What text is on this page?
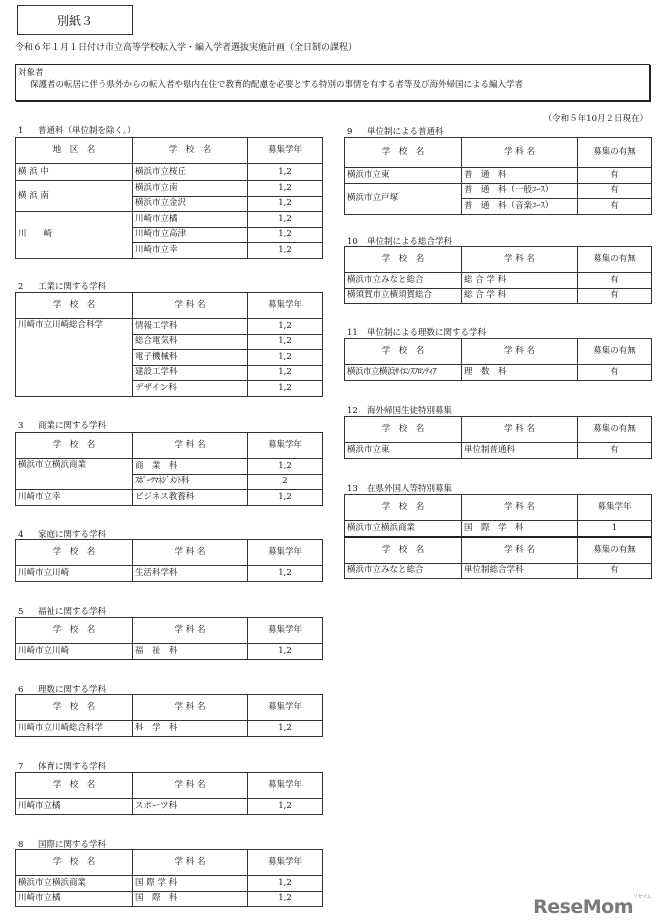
別紙３
令和６年１月１日付け市立高等学校転入学・編入学者選抜実施計画（全日制の課程）
対象者
保護者の転居に伴う県外からの転入者や県内在住で教育的配慮を必要とする特別の事情を有する者等及び海外帰国による編入学者
（令和５年10月２日現在）
1 普通科（単位制を除く。）
地　区　名	学　校　名	募集学年
横 浜 中	横浜市立桜丘	1,2
横 浜 南	横浜市立南	1,2
	横浜市立金沢	1,2
川　　崎	川崎市立橘	1,2
	川崎市立高津	1,2
	川崎市立幸	1,2
2 工業に関する学科
学　校　名	学 科 名	募集学年
川崎市立川崎総合科学	情報工学科	1,2
	総合電気科	1,2
	電子機械科	1,2
	建設工学科	1,2
	デザイン科	1,2
3 商業に関する学科
学　校　名	学 科 名	募集学年
横浜市立横浜商業	商　業　科	1,2
	ｽﾎﾟｰﾂﾏﾈｼﾞﾒﾝﾄ科	2
川崎市立幸	ビジネス教養科	1,2
4 家庭に関する学科
学　校　名	学 科 名	募集学年
川崎市立川崎	生活科学科	1,2
5 福祉に関する学科
学　校　名	学 科 名	募集学年
川崎市立川崎	福　祉　科	1,2
6 理数に関する学科
学　校　名	学 科 名	募集学年
川崎市立川崎総合科学	科　学　科	1,2
7 体育に関する学科
学　校　名	学 科 名	募集学年
川崎市立橘	スポーツ科	1,2
8 国際に関する学科
学　校　名	学 科 名	募集学年
横浜市立横浜商業	国 際 学 科	1,2
川崎市立橘	国　際　科	1,2
9 単位制による普通科
学　校　名	学 科 名	募集の有無
横浜市立東	普　通　科	有
横浜市立戸塚	普　通　科（一般ｺｰｽ）	有
	普　通　科（音楽ｺｰｽ）	有
10 単位制による総合学科
学　校　名	学 科 名	募集の有無
横浜市立みなと総合	総 合 学 科	有
横須賀市立横須賀総合	総 合 学 科	有
11 単位制による理数に関する学科
学　校　名	学 科 名	募集の有無
横浜市立横浜ｻｲｴﾝｽﾌﾛﾝﾃｨｱ	理　数　科	有
12 海外帰国生徒特別募集
学　校　名	学 科 名	募集の有無
横浜市立東	単位制普通科	有
13 在県外国人等特別募集
学　校　名	学 科 名	募集学年
横浜市立横浜商業	国　際　学　科	1
学　校　名	学 科 名	募集の有無
横浜市立みなと総合	単位制総合学科	有
ReseMom$^{リセマム}$
